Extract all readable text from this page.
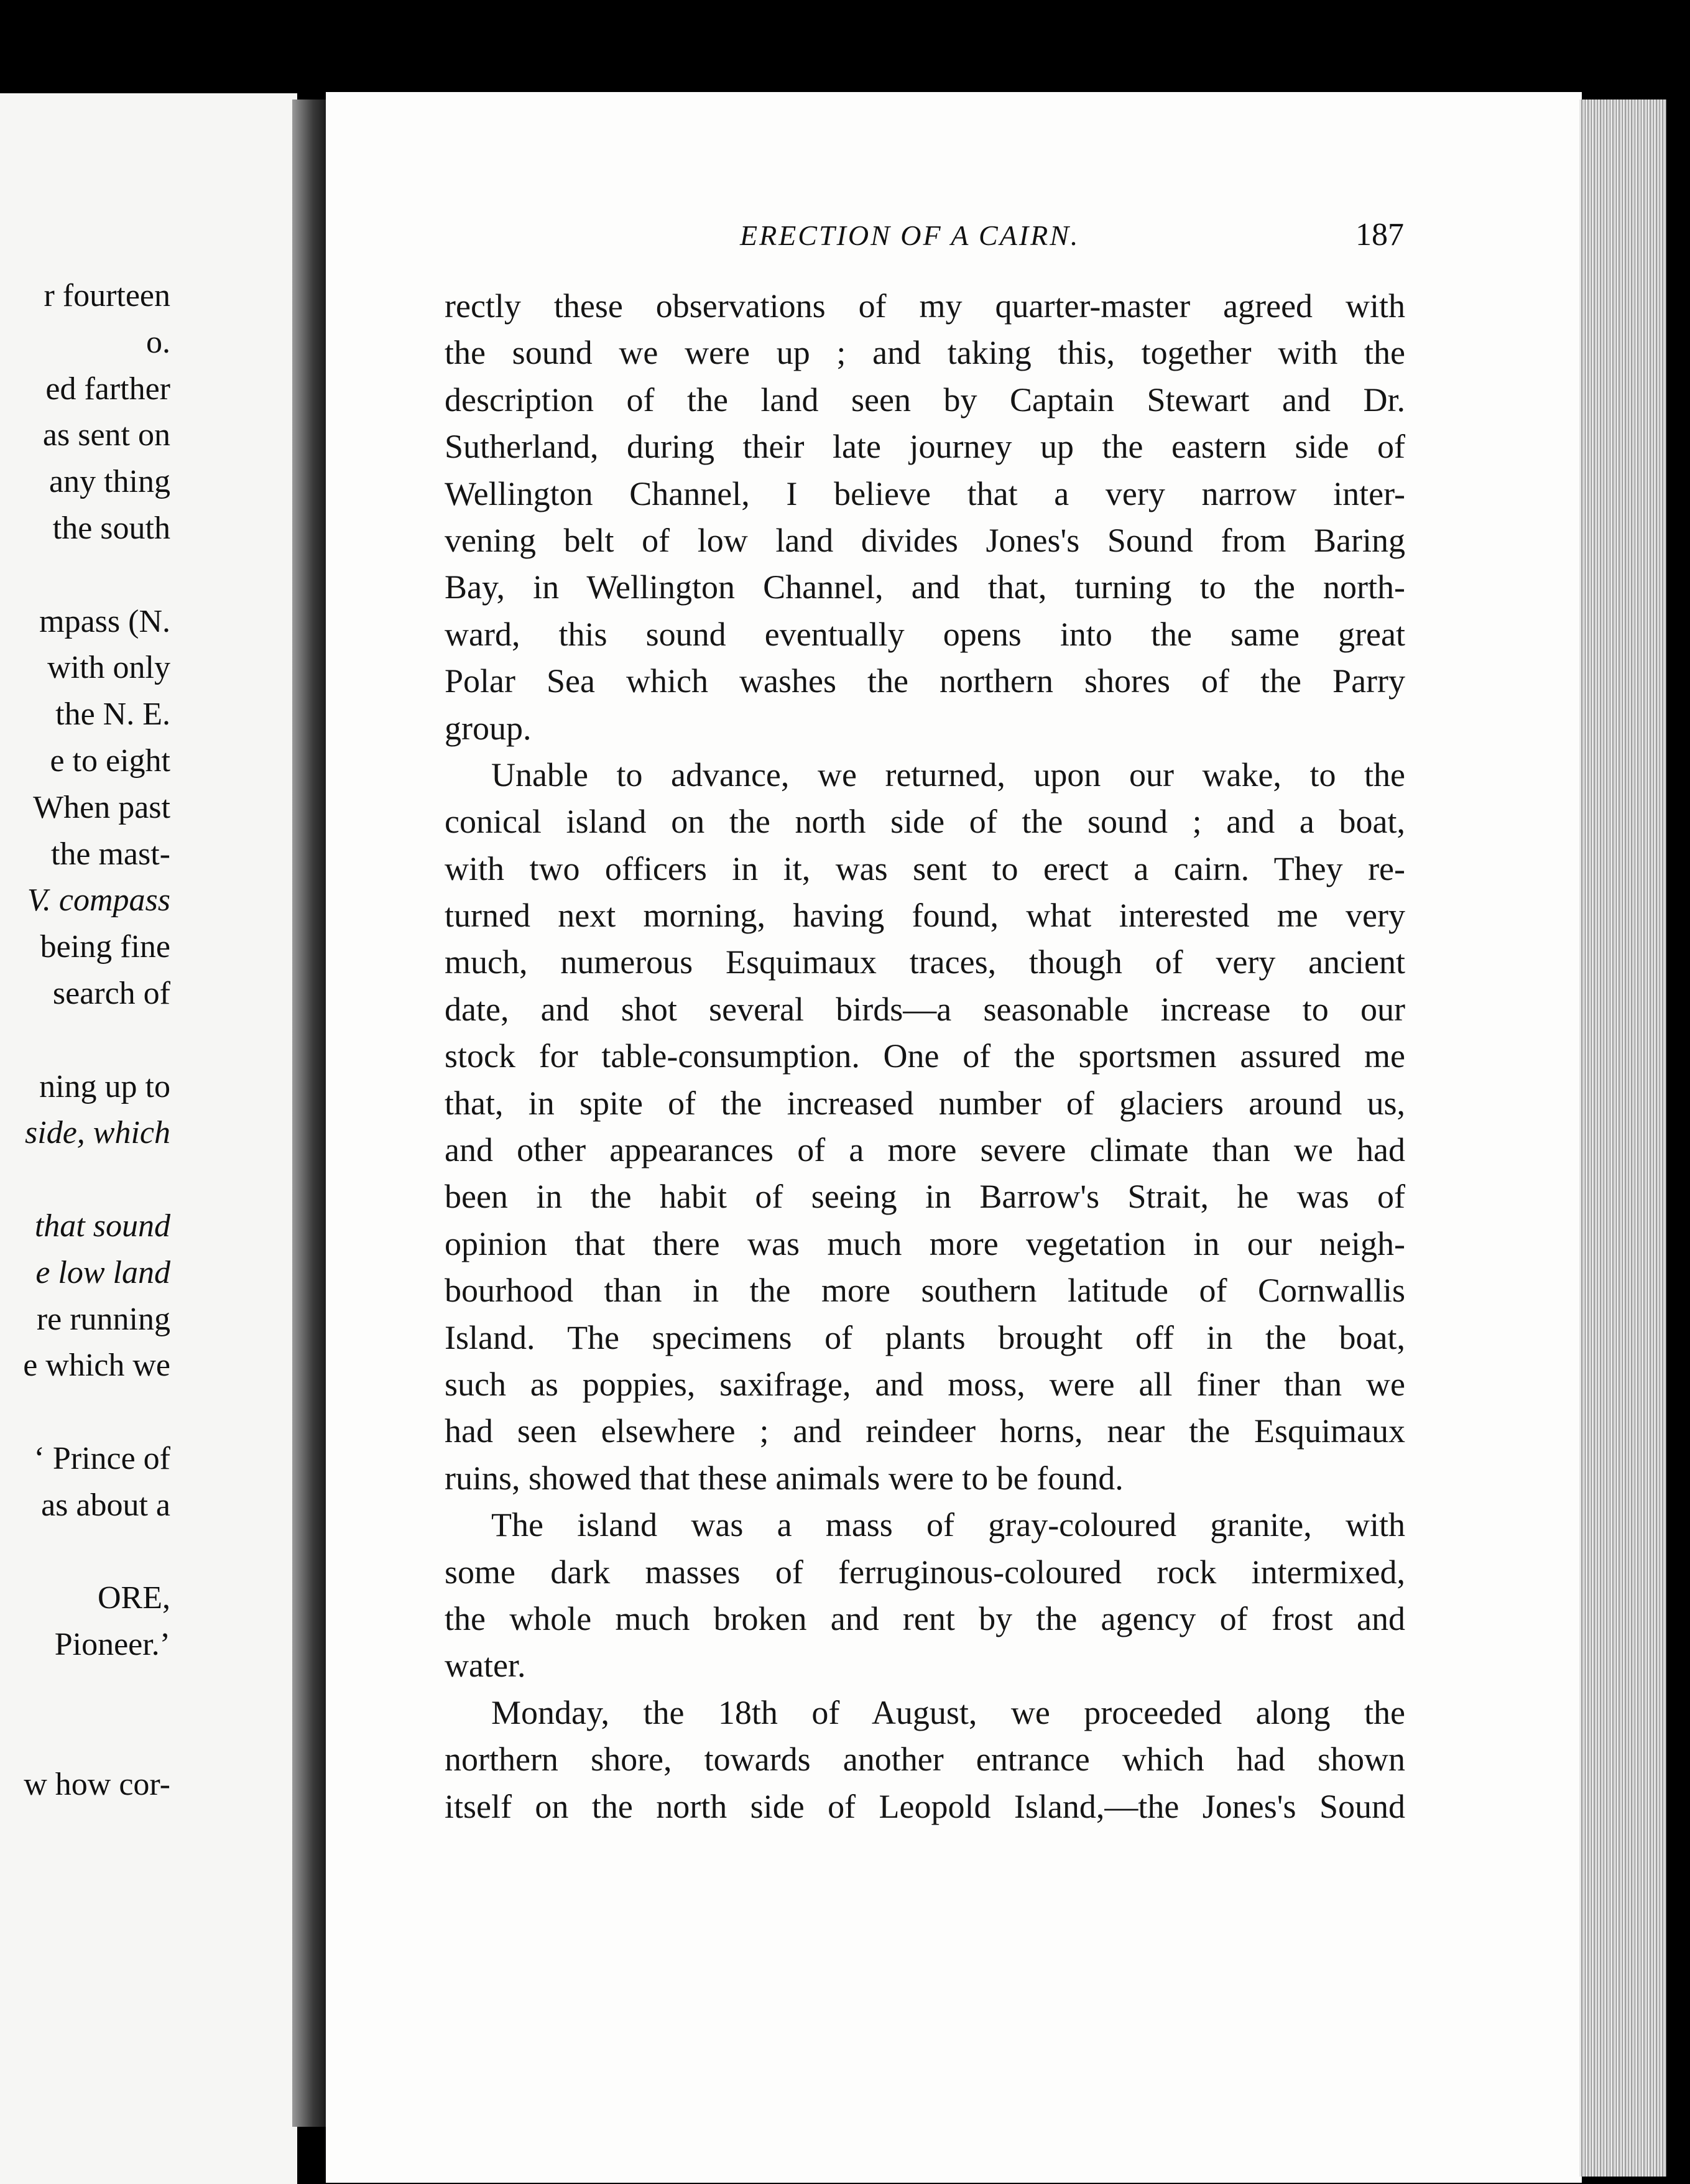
r fourteen
o.
ed farther
as sent on
any thing
the south
mpass (N.
with only
the N. E.
e to eight
When past
the mast-
V. compass
being fine
search of
ning up to
side, which
that sound
e low land
re running
e which we
‘ Prince of
as about a
ORE,
Pioneer.’
w how cor-
ERECTION OF A CAIRN.	187
rectly these observations of my quarter-master agreed with
the sound we were up ; and taking this, together with the
description of the land seen by Captain Stewart and Dr.
Sutherland, during their late journey up the eastern side of
Wellington Channel, I believe that a very narrow inter-
vening belt of low land divides Jones's Sound from Baring
Bay, in Wellington Channel, and that, turning to the north-
ward, this sound eventually opens into the same great
Polar Sea which washes the northern shores of the Parry
group.
Unable to advance, we returned, upon our wake, to the
conical island on the north side of the sound ; and a boat,
with two officers in it, was sent to erect a cairn. They re-
turned next morning, having found, what interested me very
much, numerous Esquimaux traces, though of very ancient
date, and shot several birds—a seasonable increase to our
stock for table-consumption. One of the sportsmen assured me
that, in spite of the increased number of glaciers around us,
and other appearances of a more severe climate than we had
been in the habit of seeing in Barrow's Strait, he was of
opinion that there was much more vegetation in our neigh-
bourhood than in the more southern latitude of Cornwallis
Island. The specimens of plants brought off in the boat,
such as poppies, saxifrage, and moss, were all finer than we
had seen elsewhere ; and reindeer horns, near the Esquimaux
ruins, showed that these animals were to be found.
The island was a mass of gray-coloured granite, with
some dark masses of ferruginous-coloured rock intermixed,
the whole much broken and rent by the agency of frost and
water.
Monday, the 18th of August, we proceeded along the
northern shore, towards another entrance which had shown
itself on the north side of Leopold Island,—the Jones's Sound
